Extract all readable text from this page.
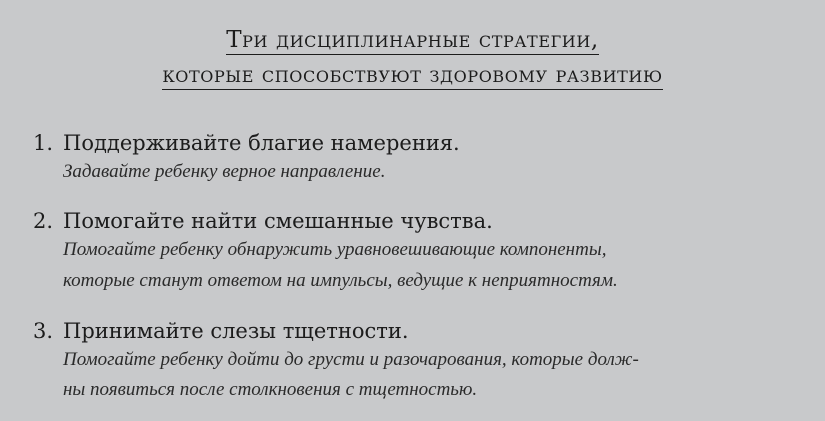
Три дисциплинарные стратегии,
которые способствуют здоровому развитию
1. Поддерживайте благие намерения.
Задавайте ребенку верное направление.
2. Помогайте найти смешанные чувства.
Помогайте ребенку обнаружить уравновешивающие компоненты,
которые станут ответом на импульсы, ведущие к неприятностям.
3. Принимайте слезы тщетности.
Помогайте ребенку дойти до грусти и разочарования, которые долж-
ны появиться после столкновения с тщетностью.
